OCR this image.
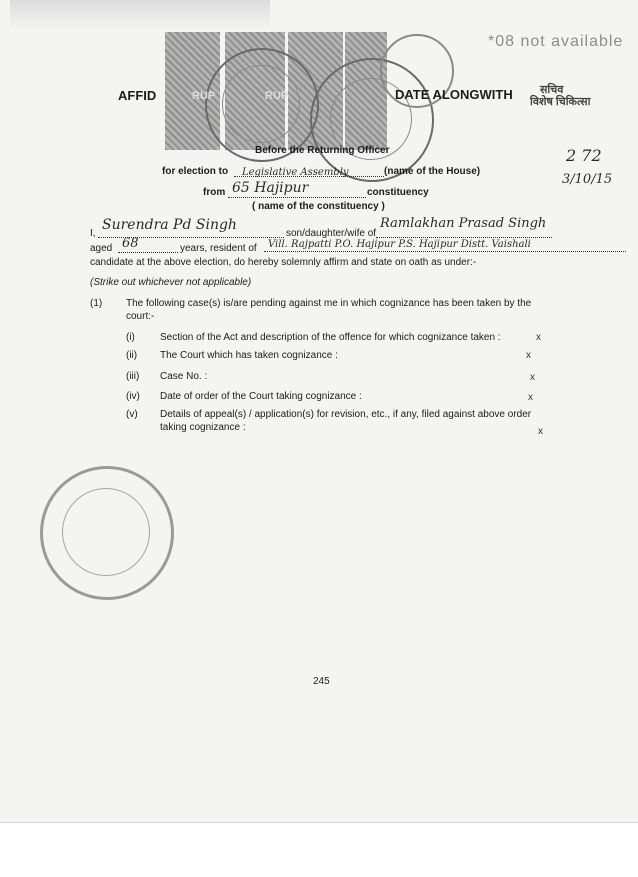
*08 not available
सचिव
विशेष चिकित्सा
AFFID	RUP	RUP	DATE ALONGWITH
2 72
3/10/15
Before the Returning Officer
for election to	Legislative Assembly	(name of the House)
from 65 Hajipur	constituency
( name of the constituency )
I,
Surendra Pd Singh
son/daughter/wife of
Ramlakhan Prasad Singh
aged 68	years, resident of	Vill. Rajpatti P.O. Hajipur P.S. Hajipur Distt. Vaishali
candidate at the above election, do hereby solemnly affirm and state on oath as under:-
(Strike out whichever not applicable)
(1) The following case(s) is/are pending against me in which cognizance has been taken by the court:-
(i)	Section of the Act and description of the offence for which cognizance taken :	x
(ii) The Court which has taken cognizance :	x
(iii) Case No. :	x
(iv) Date of order of the Court taking cognizance :	x
(v) Details of appeal(s) / application(s) for revision, etc., if any, filed against above order taking cognizance :	x
245
